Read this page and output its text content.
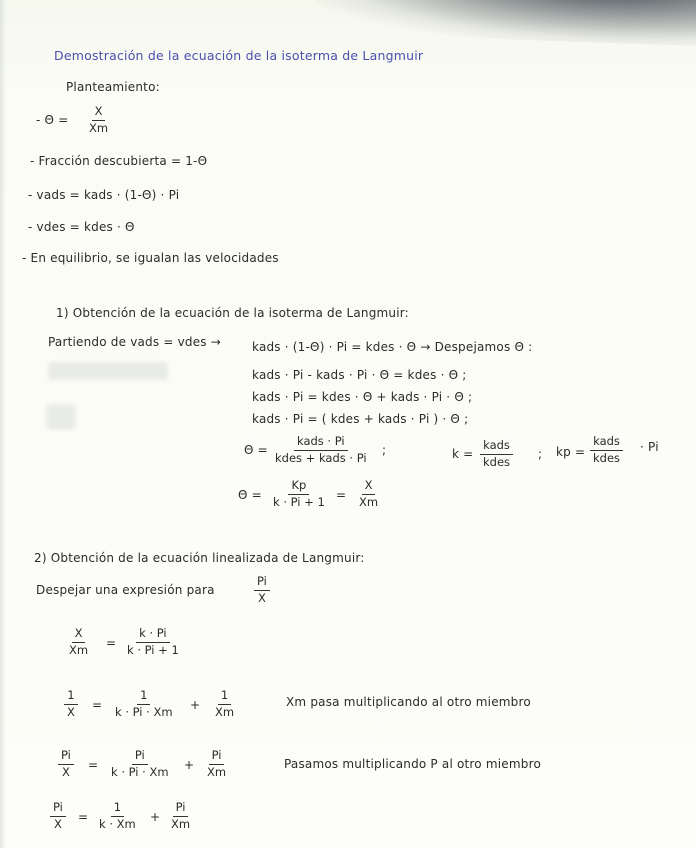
Demostración de la ecuación de la isoterma de Langmuir
Planteamiento:
- $\Theta = \frac{X}{Xm}$
- Fracción descubierta = 1-Θ
- vads = kads · (1-Θ) · Pi
- vdes = kdes · Θ
- En equilibrio, se igualan las velocidades
1) Obtención de la ecuación de la isoterma de Langmuir:
Partiendo de vads = vdes →	kads · (1-Θ) · Pi = kdes · Θ → Despejamos Θ :
kads · Pi - kads · Pi · Θ = kdes · Θ ;
kads · Pi = kdes · Θ + kads · Pi · Θ ;
kads · Pi = ( kdes + kads · Pi ) · Θ ;
Θ =
kads · Pi
kdes + kads · Pi
;	k =
kads
kdes
; kp =
kads
kdes
· Pi
$\Theta = \frac{Kp}{k \cdot Pi + 1} = \frac{X}{Xm}$
2) Obtención de la ecuación linealizada de Langmuir:
Despejar una expresión para	$\frac{Pi}{X}$
$\frac{X}{Xm} = \frac{k \cdot Pi}{k \cdot Pi + 1}$
$\frac{1}{X} = \frac{1}{k \cdot Pi \cdot Xm} + \frac{1}{Xm}$	Xm pasa multiplicando al otro miembro
$\frac{Pi}{X} = \frac{Pi}{k \cdot Pi \cdot Xm} + \frac{Pi}{Xm}$	Pasamos multiplicando P al otro miembro
$\frac{Pi}{X} = \frac{1}{k \cdot Xm} + \frac{Pi}{Xm}$
